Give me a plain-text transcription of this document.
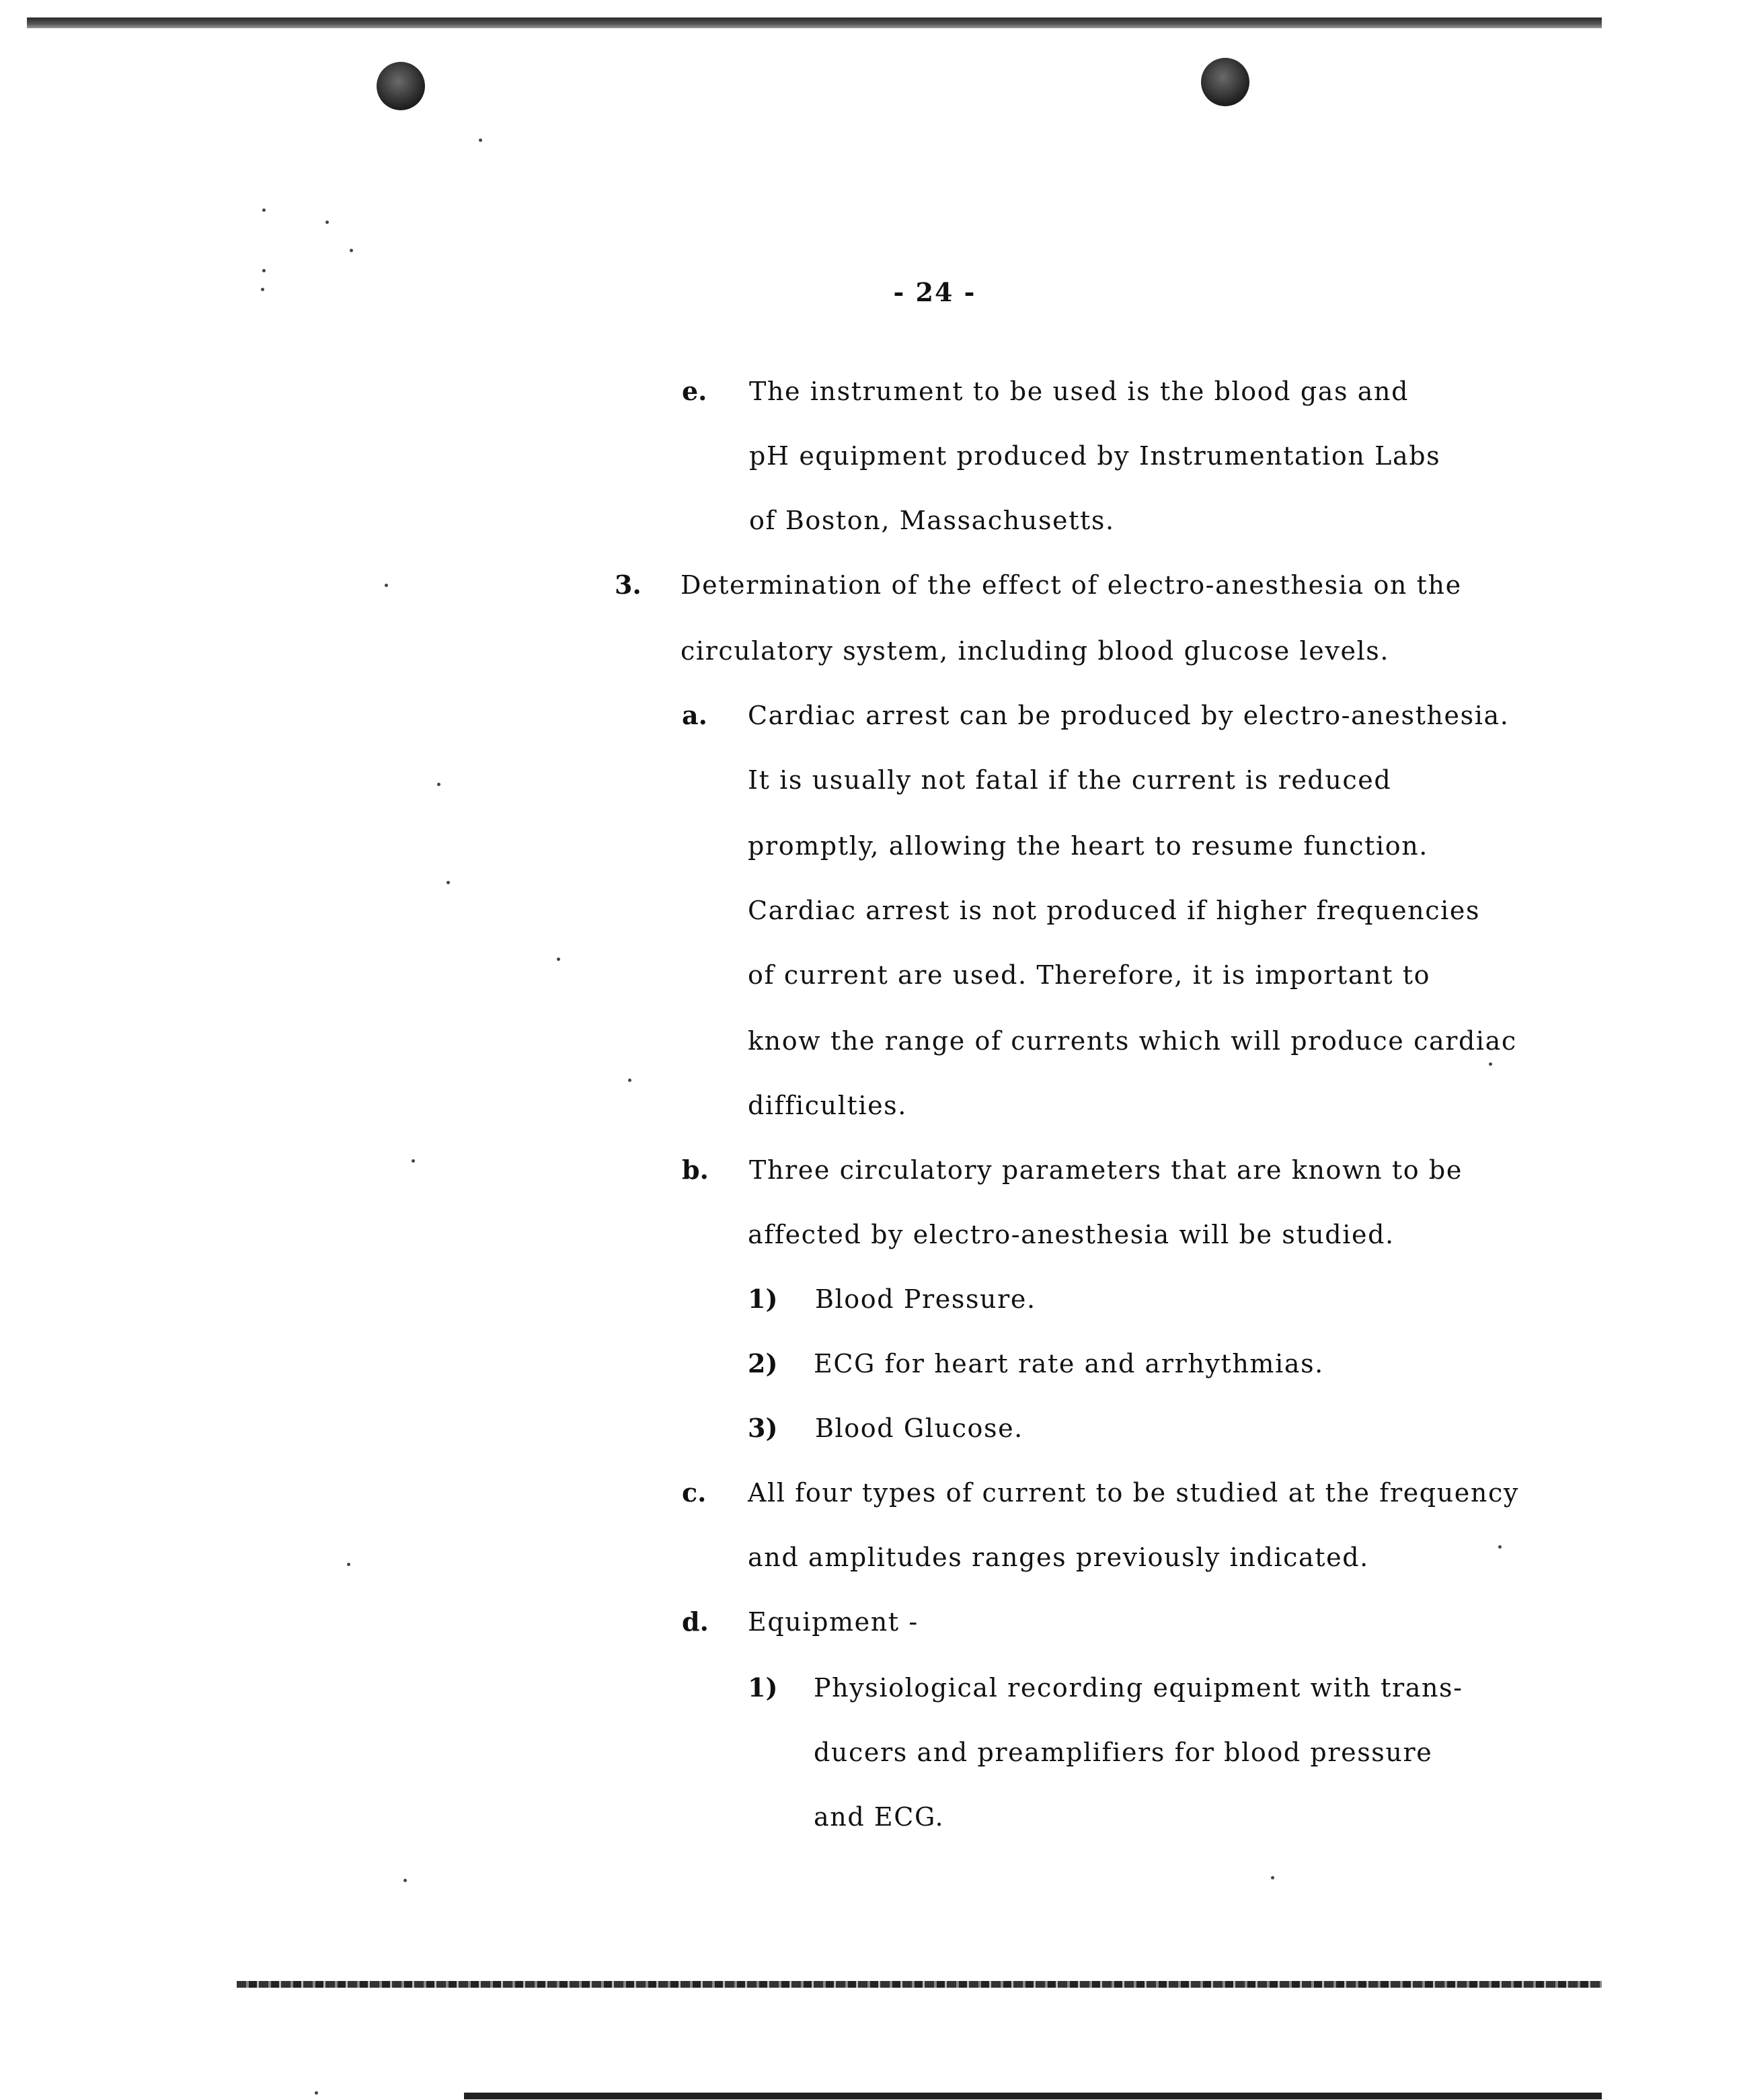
- 24 -
e. The instrument to be used is the blood gas and
pH equipment produced by Instrumentation Labs
of Boston, Massachusetts.
3. Determination of the effect of electro-anesthesia on the
circulatory system, including blood glucose levels.
a. Cardiac arrest can be produced by electro-anesthesia.
It is usually not fatal if the current is reduced
promptly, allowing the heart to resume function.
Cardiac arrest is not produced if higher frequencies
of current are used. Therefore, it is important to
know the range of currents which will produce cardiac
difficulties.
b. Three circulatory parameters that are known to be
affected by electro-anesthesia will be studied.
1) Blood Pressure.
2) ECG for heart rate and arrhythmias.
3) Blood Glucose.
c. All four types of current to be studied at the frequency
and amplitudes ranges previously indicated.
d. Equipment -
1) Physiological recording equipment with trans-
ducers and preamplifiers for blood pressure
and ECG.
